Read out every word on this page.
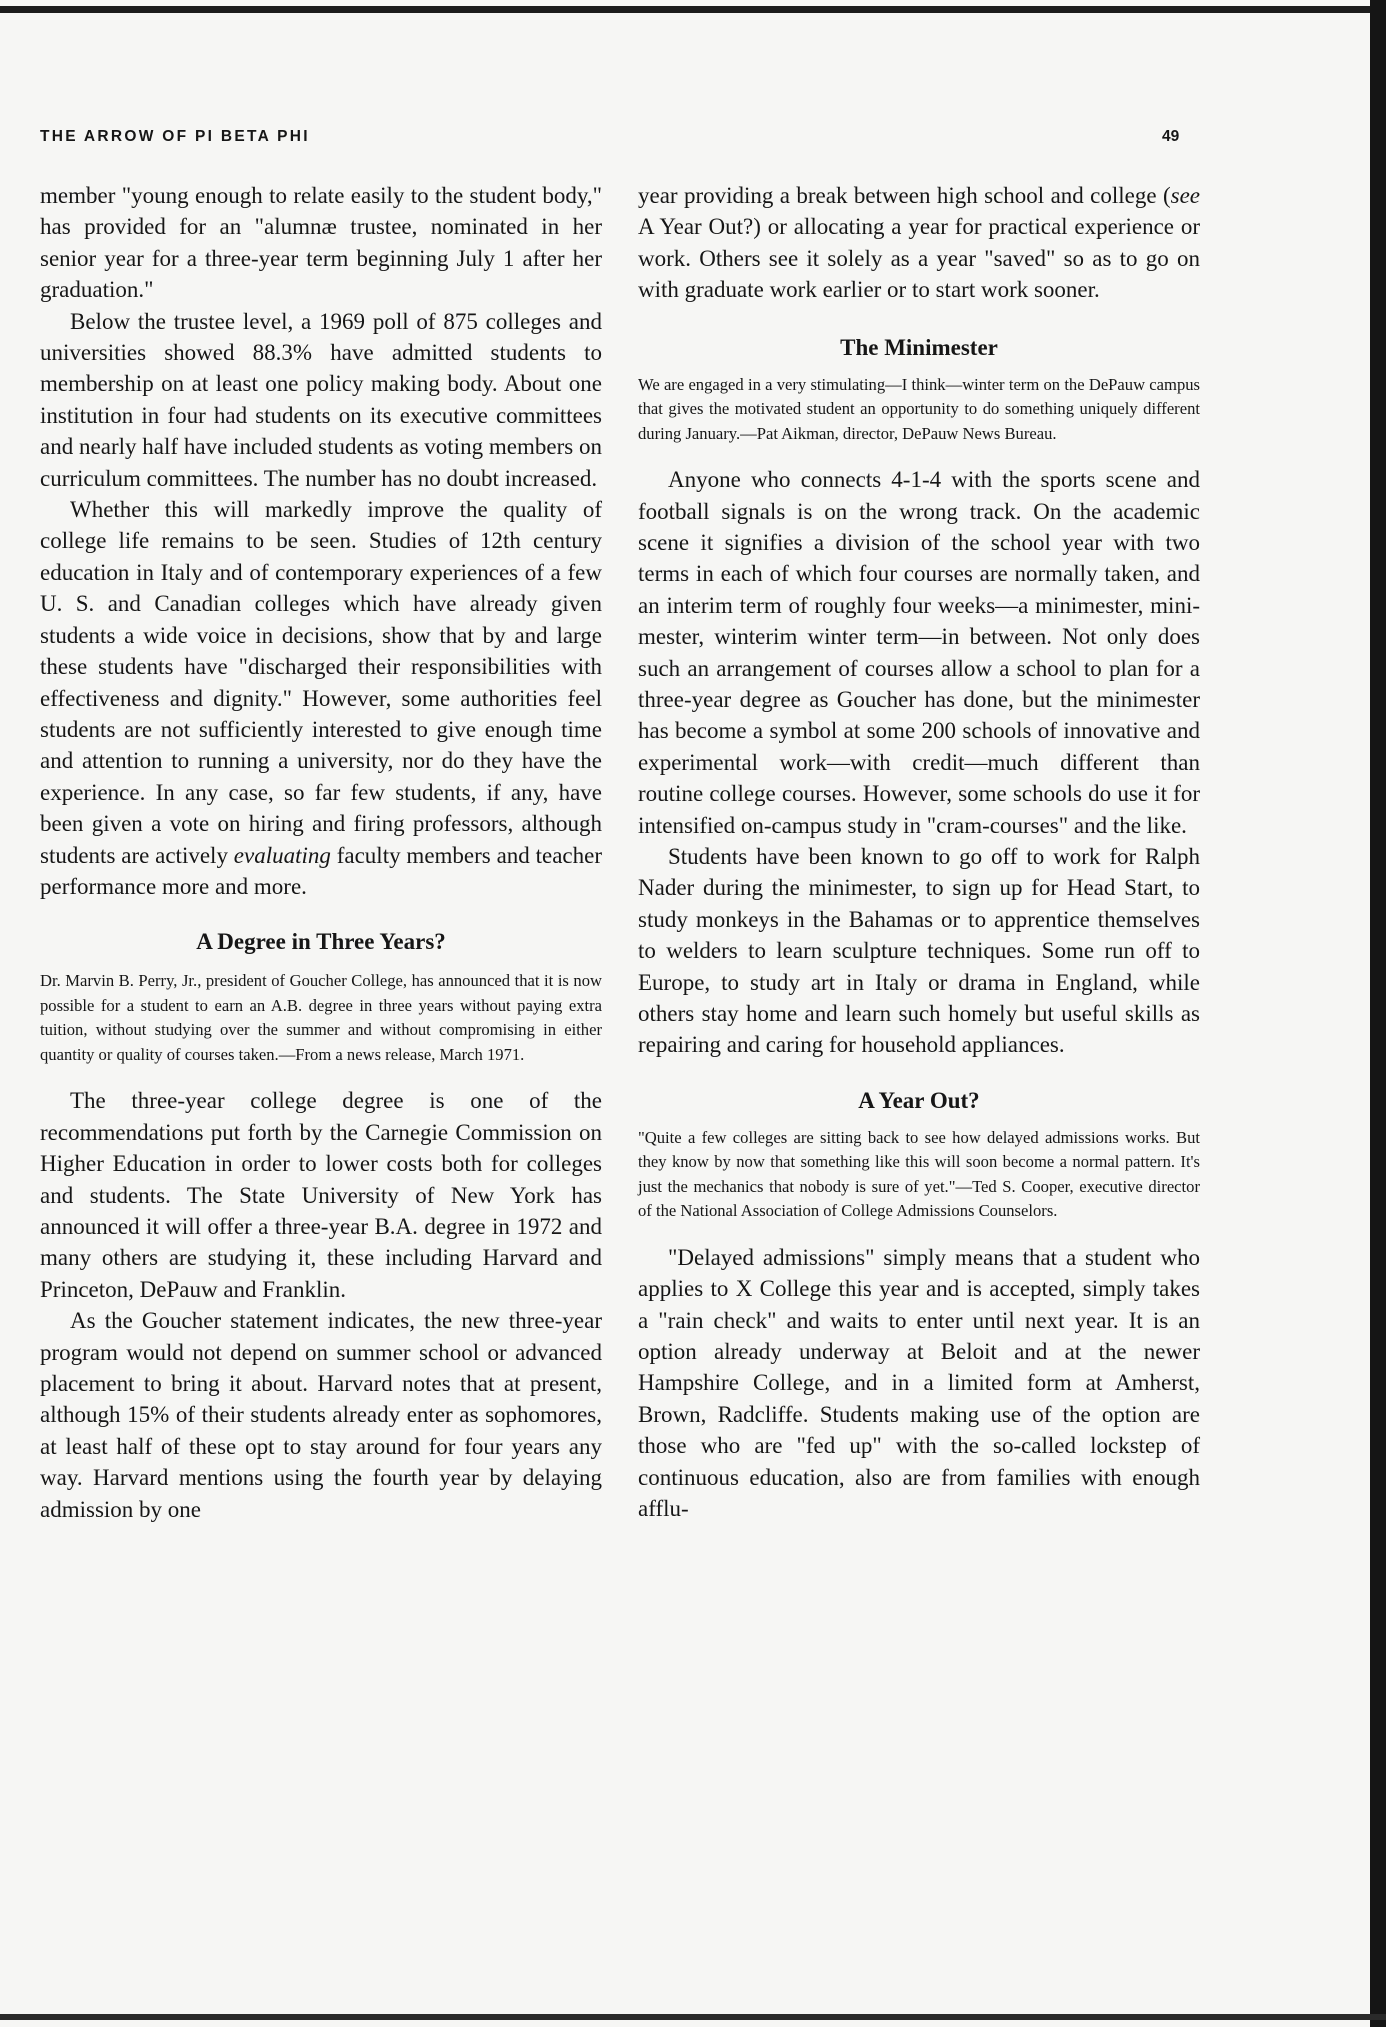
THE ARROW OF PI BETA PHI	49

member "young enough to relate easily to the student body," has provided for an "alumnæ trustee, nominated in her senior year for a three-year term beginning July 1 after her graduation."

Below the trustee level, a 1969 poll of 875 colleges and universities showed 88.3% have admitted students to membership on at least one policy making body. About one institution in four had students on its executive committees and nearly half have included students as voting members on curriculum committees. The number has no doubt increased.

Whether this will markedly improve the quality of college life remains to be seen. Studies of 12th century education in Italy and of contemporary experiences of a few U. S. and Canadian colleges which have already given students a wide voice in decisions, show that by and large these students have "discharged their responsibilities with effectiveness and dignity." However, some authorities feel students are not sufficiently interested to give enough time and attention to running a university, nor do they have the experience. In any case, so far few students, if any, have been given a vote on hiring and firing professors, although students are actively evaluating faculty members and teacher performance more and more.

A Degree in Three Years?

Dr. Marvin B. Perry, Jr., president of Goucher College, has announced that it is now possible for a student to earn an A.B. degree in three years without paying extra tuition, without studying over the summer and without compromising in either quantity or quality of courses taken.—From a news release, March 1971.

The three-year college degree is one of the recommendations put forth by the Carnegie Commission on Higher Education in order to lower costs both for colleges and students. The State University of New York has announced it will offer a three-year B.A. degree in 1972 and many others are studying it, these including Harvard and Princeton, DePauw and Franklin.

As the Goucher statement indicates, the new three-year program would not depend on summer school or advanced placement to bring it about. Harvard notes that at present, although 15% of their students already enter as sophomores, at least half of these opt to stay around for four years any way. Harvard mentions using the fourth year by delaying admission by one

year providing a break between high school and college (see A Year Out?) or allocating a year for practical experience or work. Others see it solely as a year "saved" so as to go on with graduate work earlier or to start work sooner.

The Minimester

We are engaged in a very stimulating—I think—winter term on the DePauw campus that gives the motivated student an opportunity to do something uniquely different during January.—Pat Aikman, director, DePauw News Bureau.

Anyone who connects 4-1-4 with the sports scene and football signals is on the wrong track. On the academic scene it signifies a division of the school year with two terms in each of which four courses are normally taken, and an interim term of roughly four weeks—a minimester, mini-mester, winterim winter term—in between. Not only does such an arrangement of courses allow a school to plan for a three-year degree as Goucher has done, but the minimester has become a symbol at some 200 schools of innovative and experimental work—with credit—much different than routine college courses. However, some schools do use it for intensified on-campus study in "cram-courses" and the like.

Students have been known to go off to work for Ralph Nader during the minimester, to sign up for Head Start, to study monkeys in the Bahamas or to apprentice themselves to welders to learn sculpture techniques. Some run off to Europe, to study art in Italy or drama in England, while others stay home and learn such homely but useful skills as repairing and caring for household appliances.

A Year Out?

"Quite a few colleges are sitting back to see how delayed admissions works. But they know by now that something like this will soon become a normal pattern. It's just the mechanics that nobody is sure of yet."—Ted S. Cooper, executive director of the National Association of College Admissions Counselors.

"Delayed admissions" simply means that a student who applies to X College this year and is accepted, simply takes a "rain check" and waits to enter until next year. It is an option already underway at Beloit and at the newer Hampshire College, and in a limited form at Amherst, Brown, Radcliffe. Students making use of the option are those who are "fed up" with the so-called lockstep of continuous education, also are from families with enough afflu-
